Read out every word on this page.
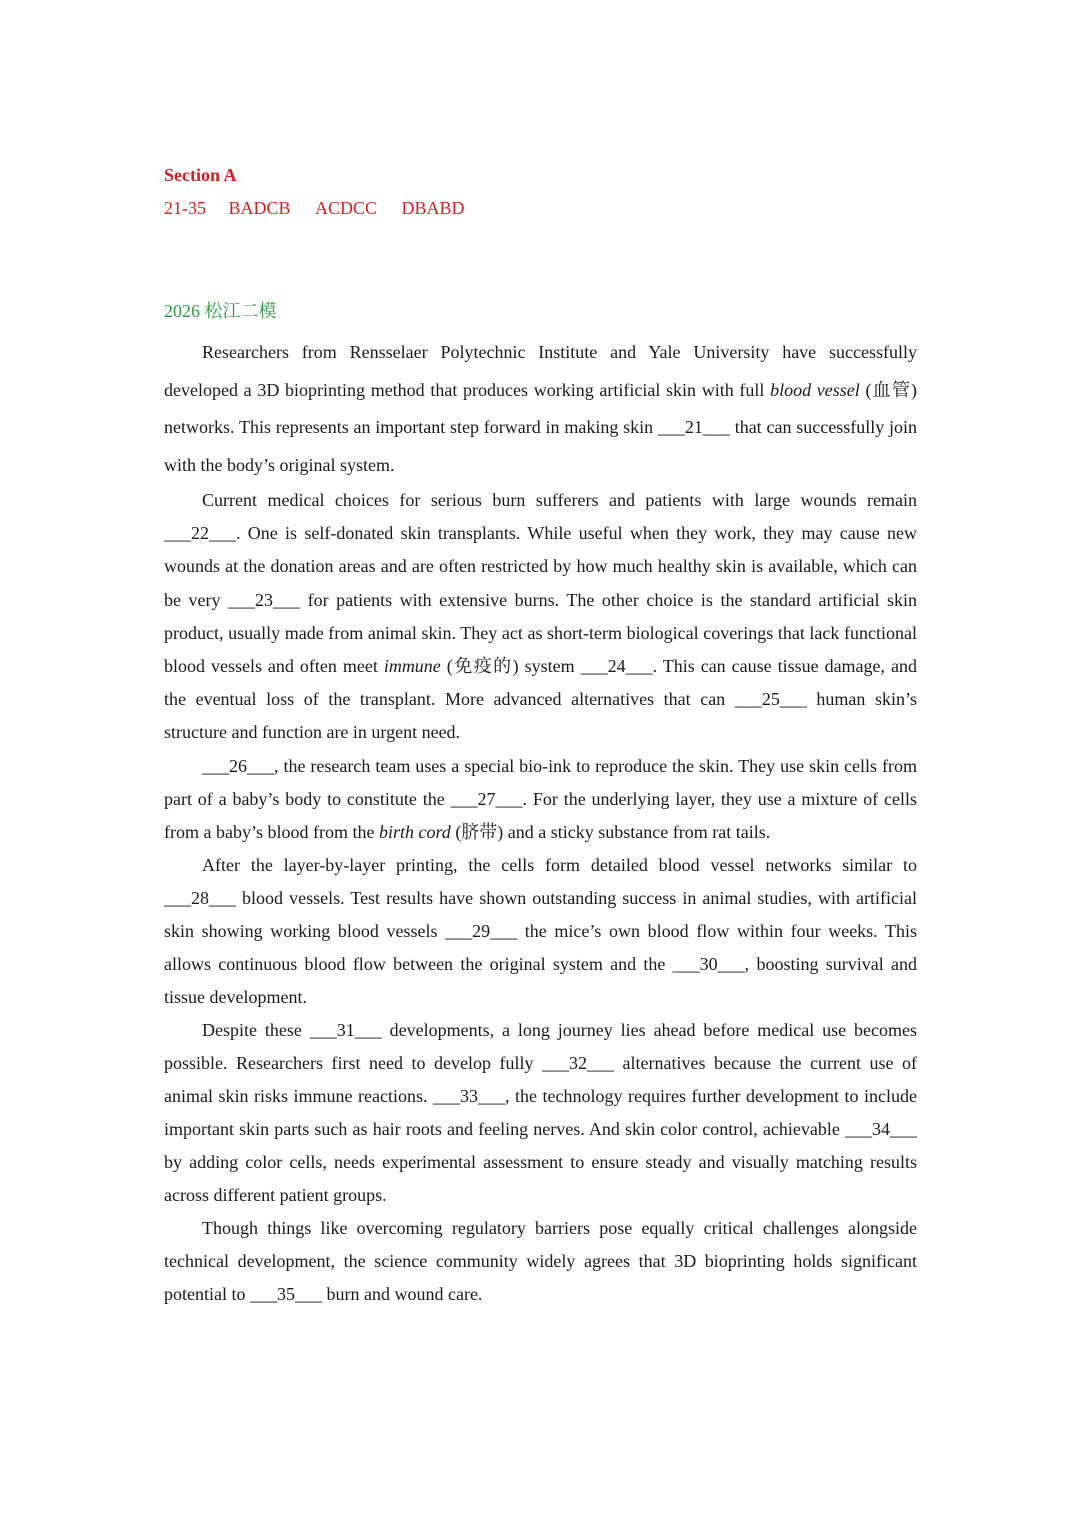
Section A
21-35 BADCB ACDCC DBABD
2026 松江二模

Researchers from Rensselaer Polytechnic Institute and Yale University have successfully developed a 3D bioprinting method that produces working artificial skin with full blood vessel (血管) networks. This represents an important step forward in making skin ___21___ that can successfully join with the body’s original system.

Current medical choices for serious burn sufferers and patients with large wounds remain ___22___. One is self-donated skin transplants. While useful when they work, they may cause new wounds at the donation areas and are often restricted by how much healthy skin is available, which can be very ___23___ for patients with extensive burns. The other choice is the standard artificial skin product, usually made from animal skin. They act as short-term biological coverings that lack functional blood vessels and often meet immune (免疫的) system ___24___. This can cause tissue damage, and the eventual loss of the transplant. More advanced alternatives that can ___25___ human skin’s structure and function are in urgent need.

___26___, the research team uses a special bio-ink to reproduce the skin. They use skin cells from part of a baby’s body to constitute the ___27___. For the underlying layer, they use a mixture of cells from a baby’s blood from the birth cord (脐带) and a sticky substance from rat tails.

After the layer-by-layer printing, the cells form detailed blood vessel networks similar to ___28___ blood vessels. Test results have shown outstanding success in animal studies, with artificial skin showing working blood vessels ___29___ the mice’s own blood flow within four weeks. This allows continuous blood flow between the original system and the ___30___, boosting survival and tissue development.

Despite these ___31___ developments, a long journey lies ahead before medical use becomes possible. Researchers first need to develop fully ___32___ alternatives because the current use of animal skin risks immune reactions. ___33___, the technology requires further development to include important skin parts such as hair roots and feeling nerves. And skin color control, achievable ___34___ by adding color cells, needs experimental assessment to ensure steady and visually matching results across different patient groups.

Though things like overcoming regulatory barriers pose equally critical challenges alongside technical development, the science community widely agrees that 3D bioprinting holds significant potential to ___35___ burn and wound care.
